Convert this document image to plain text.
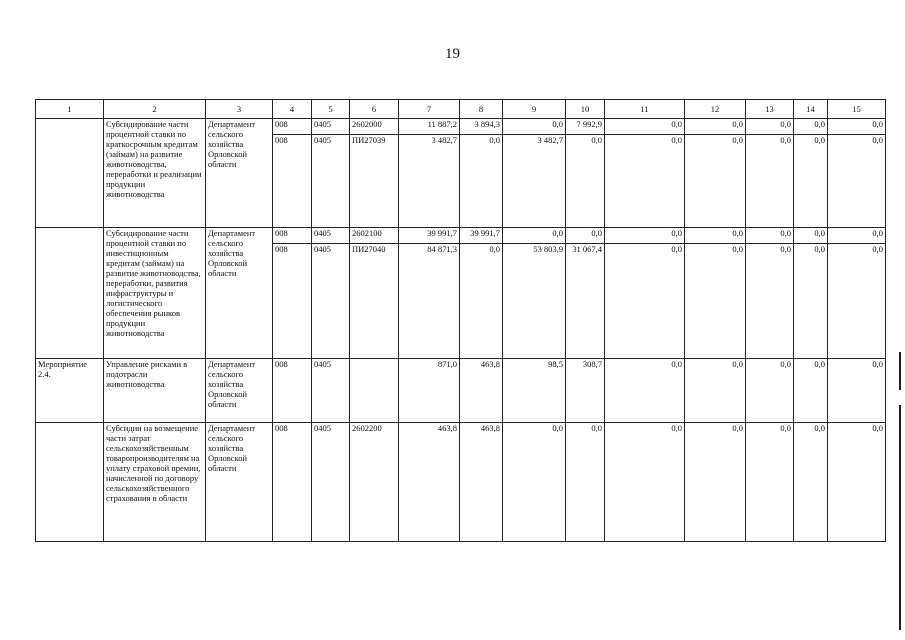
19
1	2	3	4	5	6	7	8	9	10	11	12	13	14	15
	Субсидирование части процентной ставки по краткосрочным кредитам (займам) на развитие животноводства, переработки и реализации продукции животноводства	Департамент сельского хозяйства Орловской области	008	0405	2602000	11 887,2	3 894,3	0,0	7 992,9	0,0	0,0	0,0	0,0	0,0
			008	0405	ПИ27039	3 482,7	0,0	3 482,7	0,0	0,0	0,0	0,0	0,0	0,0
	Субсидирование части процентной ставки по инвестиционным кредитам (займам) на развитие животноводства, переработки, развития инфраструктуры и логистического обеспечения рынков продукции животноводства	Департамент сельского хозяйства Орловской области	008	0405	2602100	39 991,7	39 991,7	0,0	0,0	0,0	0,0	0,0	0,0	0,0
			008	0405	ПИ27040	84 871,3	0,0	53 803,9	31 067,4	0,0	0,0	0,0	0,0	0,0
Мероприятие 2.4.	Управление рисками в подотрасли животноводства	Департамент сельского хозяйства Орловской области	008	0405		871,0	463,8	98,5	308,7	0,0	0,0	0,0	0,0	0,0
	Субсидии на возмещение части затрат сельскохозяйственным товаропроизводителям на уплату страховой премии, начисленной по договору сельскохозяйственного страхования в области	Департамент сельского хозяйства Орловской области	008	0405	2602200	463,8	463,8	0,0	0,0	0,0	0,0	0,0	0,0	0,0
